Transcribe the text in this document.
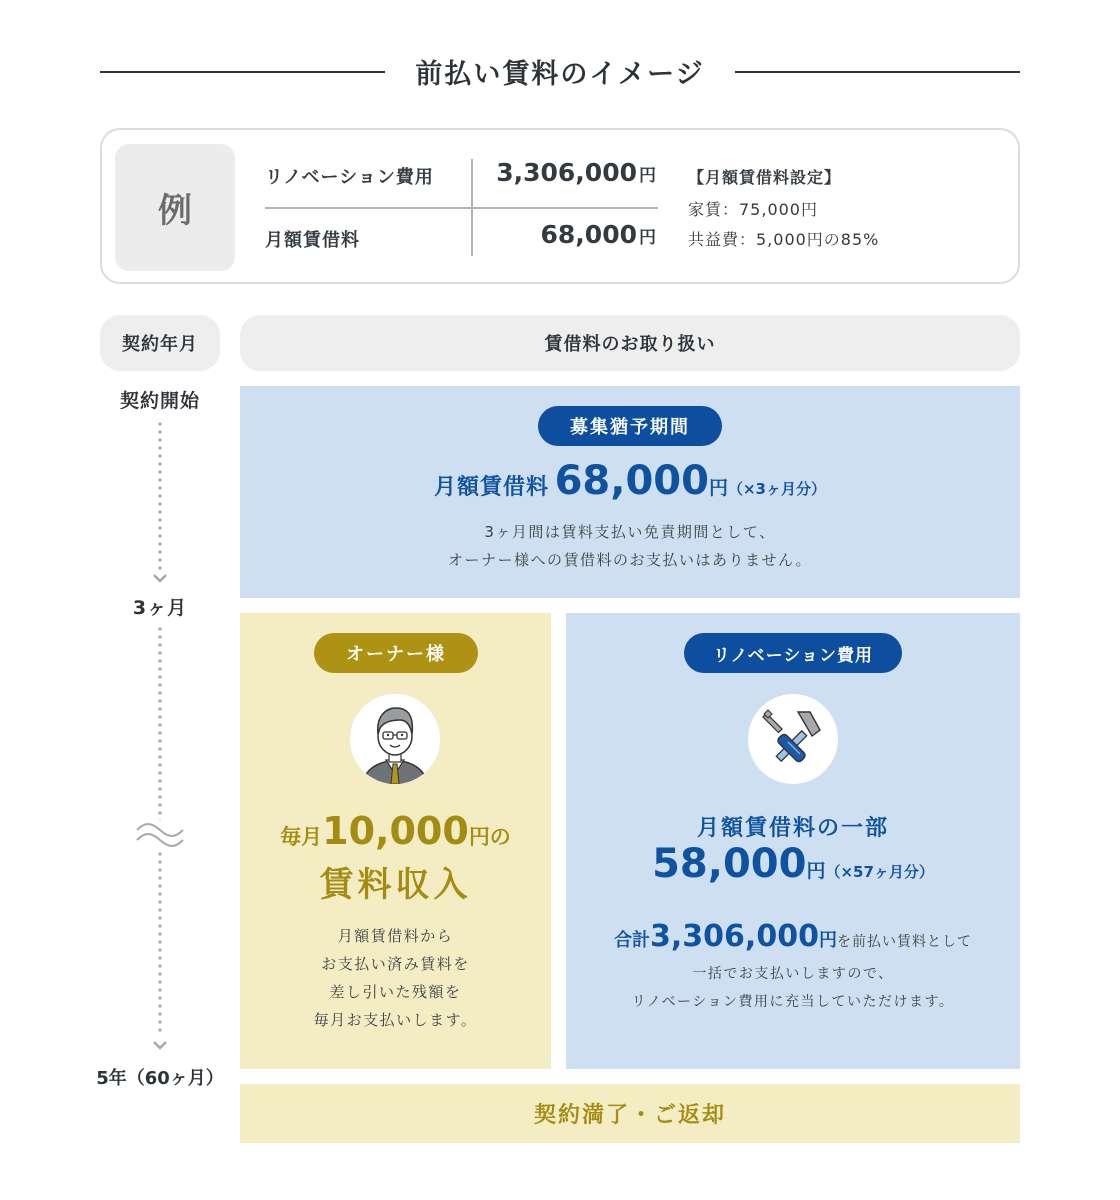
前払い賃料のイメージ
例
リノベーション費用 3,306,000 円
月額賃借料	68,000 円
【月額賃借料設定】
家賃：75,000円
共益費：5,000円の85%
契約年月	賃借料のお取り扱い
契約開始
3ヶ月
5年（60ヶ月）
募集猶予期間
月額賃借料 68,000円（×3ヶ月分）
3ヶ月間は賃料支払い免責期間として、
オーナー様への賃借料のお支払いはありません。
オーナー様
毎月10,000円の
賃料収入
月額賃借料から
お支払い済み賃料を
差し引いた残額を
毎月お支払いします。
リノベーション費用
月額賃借料の一部
58,000円（×57ヶ月分）
合計3,306,000円を前払い賃料として
一括でお支払いしますので、
リノベーション費用に充当していただけます。
契約満了・ご返却
